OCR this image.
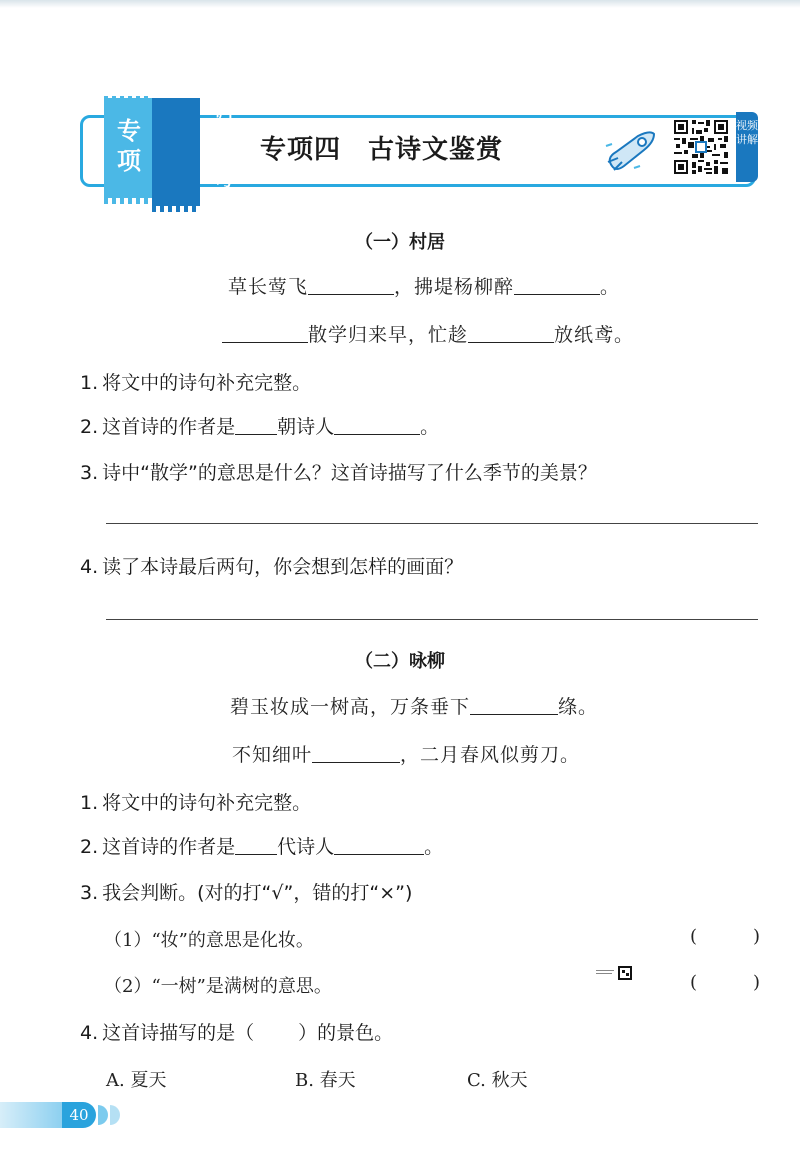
专项
归类复习
专项四　古诗文鉴赏
视频讲解
（一）村居
草长莺飞	，拂堤杨柳醉	。
散学归来早，忙趁	放纸鸢。
1. 将文中的诗句补充完整。
2. 这首诗的作者是 朝诗人	。
3. 诗中“散学”的意思是什么？这首诗描写了什么季节的美景？
4. 读了本诗最后两句，你会想到怎样的画面？
（二）咏柳
碧玉妆成一树高，万条垂下	绦。
不知细叶	，二月春风似剪刀。
1. 将文中的诗句补充完整。
2. 这首诗的作者是 代诗人	。
3. 我会判断。(对的打“√”，错的打“×”)
（1）“妆”的意思是化妆。	(	)
（2）“一树”是满树的意思。	(	)
4. 这首诗描写的是（ ）的景色。
A. 夏天	B. 春天	C. 秋天
40
